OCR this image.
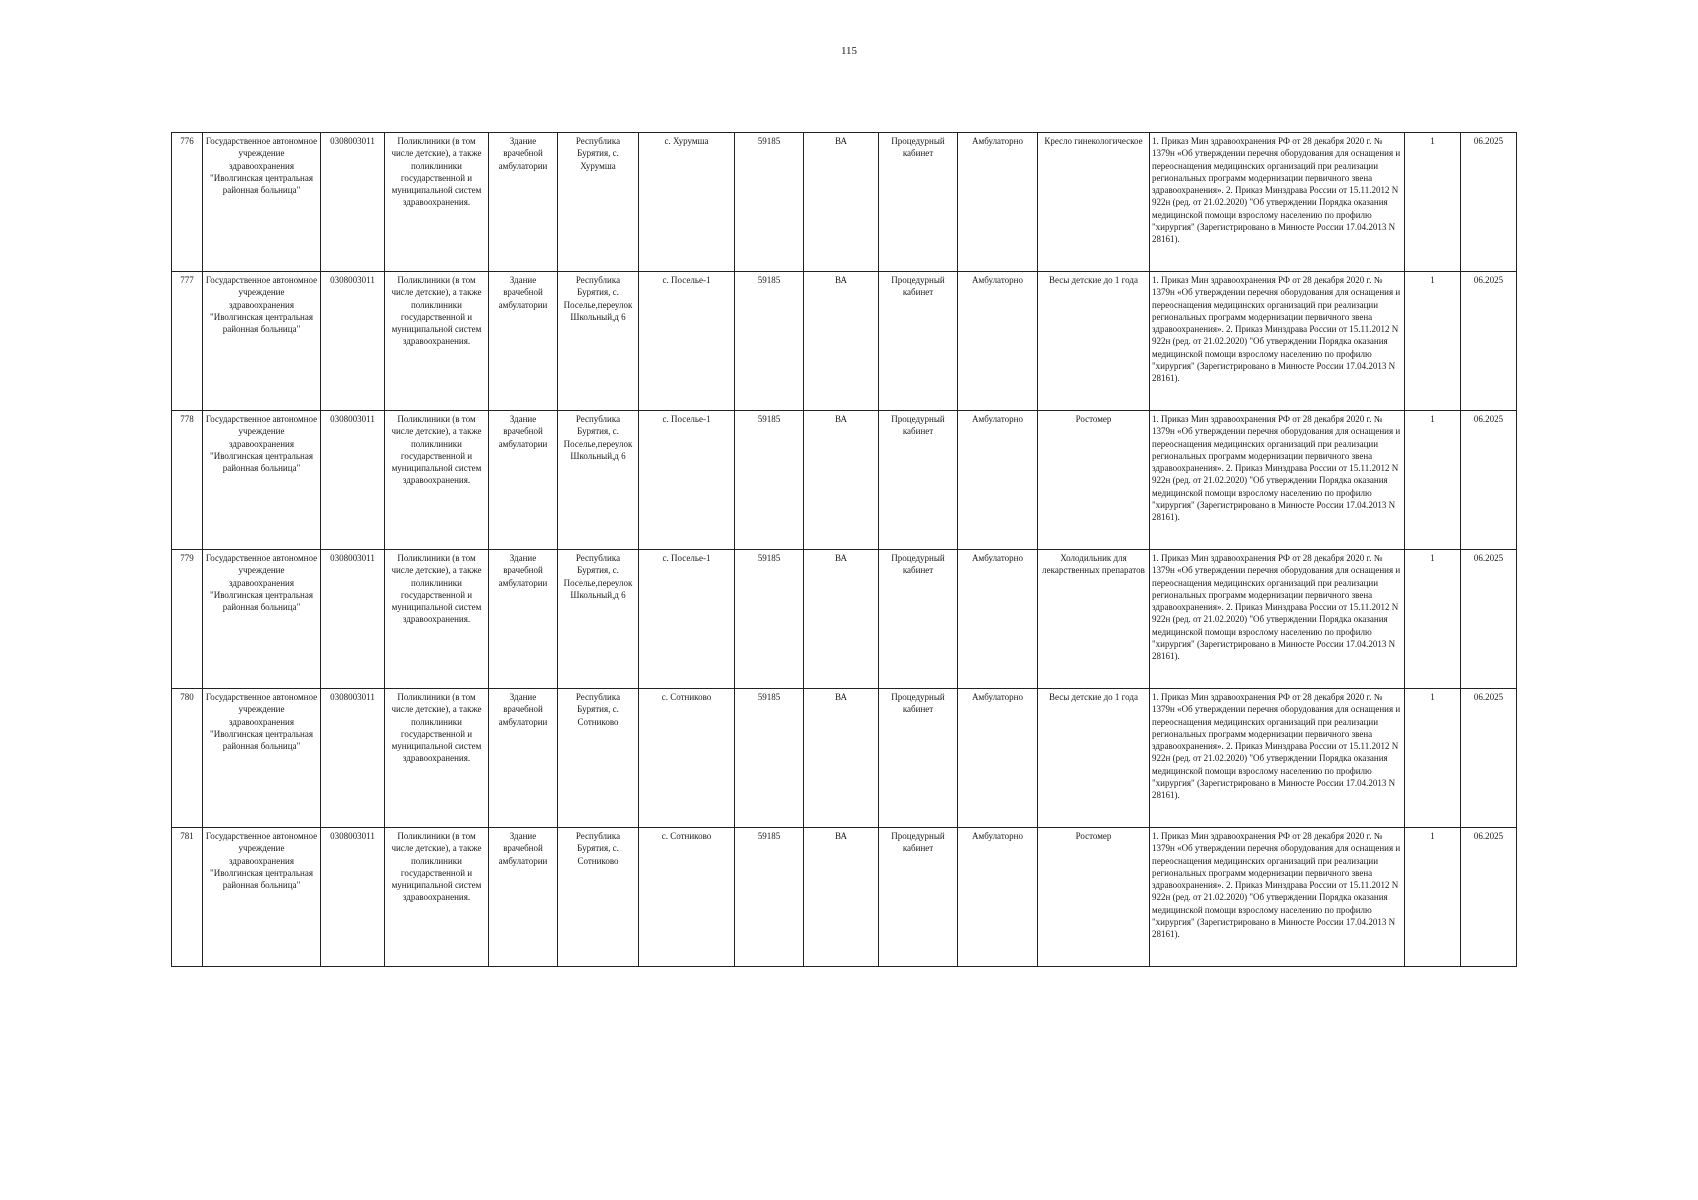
115
776	Государственное автономное учреждение здравоохранения "Иволгинская центральная районная больница"	0308003011	Поликлиники (в том числе детские), а также поликлиники государственной и муниципальной систем здравоохранения.	Здание врачебной амбулатории	Республика Бурятия, с. Хурумша	с. Хурумша	59185	ВА	Процедурный кабинет	Амбулаторно	Кресло гинекологическое	1. Приказ Мин здравоохранения РФ от 28 декабря 2020 г. № 1379н «Об утверждении перечня оборудования для оснащения и переоснащения медицинских организаций при реализации региональных программ модернизации первичного звена здравоохранения». 2. Приказ Минздрава России от 15.11.2012 N 922н (ред. от 21.02.2020) "Об утверждении Порядка оказания медицинской помощи взрослому населению по профилю "хирургия" (Зарегистрировано в Минюсте России 17.04.2013 N 28161).	1	06.2025
777	Государственное автономное учреждение здравоохранения "Иволгинская центральная районная больница"	0308003011	Поликлиники (в том числе детские), а также поликлиники государственной и муниципальной систем здравоохранения.	Здание врачебной амбулатории	Республика Бурятия, с. Поселье,переулок Школьный,д 6	с. Поселье-1	59185	ВА	Процедурный кабинет	Амбулаторно	Весы детские до 1 года	1. Приказ Мин здравоохранения РФ от 28 декабря 2020 г. № 1379н «Об утверждении перечня оборудования для оснащения и переоснащения медицинских организаций при реализации региональных программ модернизации первичного звена здравоохранения». 2. Приказ Минздрава России от 15.11.2012 N 922н (ред. от 21.02.2020) "Об утверждении Порядка оказания медицинской помощи взрослому населению по профилю "хирургия" (Зарегистрировано в Минюсте России 17.04.2013 N 28161).	1	06.2025
778	Государственное автономное учреждение здравоохранения "Иволгинская центральная районная больница"	0308003011	Поликлиники (в том числе детские), а также поликлиники государственной и муниципальной систем здравоохранения.	Здание врачебной амбулатории	Республика Бурятия, с. Поселье,переулок Школьный,д 6	с. Поселье-1	59185	ВА	Процедурный кабинет	Амбулаторно	Ростомер	1. Приказ Мин здравоохранения РФ от 28 декабря 2020 г. № 1379н «Об утверждении перечня оборудования для оснащения и переоснащения медицинских организаций при реализации региональных программ модернизации первичного звена здравоохранения». 2. Приказ Минздрава России от 15.11.2012 N 922н (ред. от 21.02.2020) "Об утверждении Порядка оказания медицинской помощи взрослому населению по профилю "хирургия" (Зарегистрировано в Минюсте России 17.04.2013 N 28161).	1	06.2025
779	Государственное автономное учреждение здравоохранения "Иволгинская центральная районная больница"	0308003011	Поликлиники (в том числе детские), а также поликлиники государственной и муниципальной систем здравоохранения.	Здание врачебной амбулатории	Республика Бурятия, с. Поселье,переулок Школьный,д 6	с. Поселье-1	59185	ВА	Процедурный кабинет	Амбулаторно	Холодильник для лекарственных препаратов	1. Приказ Мин здравоохранения РФ от 28 декабря 2020 г. № 1379н «Об утверждении перечня оборудования для оснащения и переоснащения медицинских организаций при реализации региональных программ модернизации первичного звена здравоохранения». 2. Приказ Минздрава России от 15.11.2012 N 922н (ред. от 21.02.2020) "Об утверждении Порядка оказания медицинской помощи взрослому населению по профилю "хирургия" (Зарегистрировано в Минюсте России 17.04.2013 N 28161).	1	06.2025
780	Государственное автономное учреждение здравоохранения "Иволгинская центральная районная больница"	0308003011	Поликлиники (в том числе детские), а также поликлиники государственной и муниципальной систем здравоохранения.	Здание врачебной амбулатории	Республика Бурятия, с. Сотниково	с. Сотниково	59185	ВА	Процедурный кабинет	Амбулаторно	Весы детские до 1 года	1. Приказ Мин здравоохранения РФ от 28 декабря 2020 г. № 1379н «Об утверждении перечня оборудования для оснащения и переоснащения медицинских организаций при реализации региональных программ модернизации первичного звена здравоохранения». 2. Приказ Минздрава России от 15.11.2012 N 922н (ред. от 21.02.2020) "Об утверждении Порядка оказания медицинской помощи взрослому населению по профилю "хирургия" (Зарегистрировано в Минюсте России 17.04.2013 N 28161).	1	06.2025
781	Государственное автономное учреждение здравоохранения "Иволгинская центральная районная больница"	0308003011	Поликлиники (в том числе детские), а также поликлиники государственной и муниципальной систем здравоохранения.	Здание врачебной амбулатории	Республика Бурятия, с. Сотниково	с. Сотниково	59185	ВА	Процедурный кабинет	Амбулаторно	Ростомер	1. Приказ Мин здравоохранения РФ от 28 декабря 2020 г. № 1379н «Об утверждении перечня оборудования для оснащения и переоснащения медицинских организаций при реализации региональных программ модернизации первичного звена здравоохранения». 2. Приказ Минздрава России от 15.11.2012 N 922н (ред. от 21.02.2020) "Об утверждении Порядка оказания медицинской помощи взрослому населению по профилю "хирургия" (Зарегистрировано в Минюсте России 17.04.2013 N 28161).	1	06.2025
